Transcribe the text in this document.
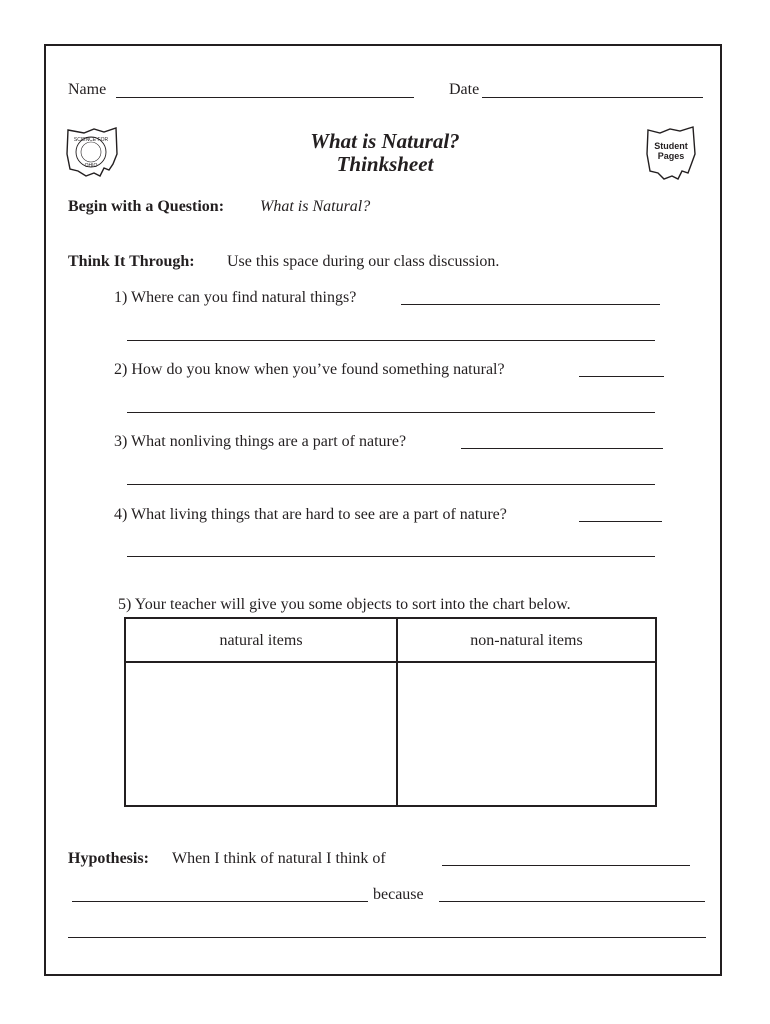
Name	Date
SCIENCE FOR
OHIO
What is Natural?
Thinksheet
Student
Pages
Begin with a Question: What is Natural?
Think It Through: Use this space during our class discussion.
1) Where can you find natural things?
2) How do you know when you’ve found something natural?
3) What nonliving things are a part of nature?
4) What living things that are hard to see are a part of nature?
5) Your teacher will give you some objects to sort into the chart below.
natural items	non-natural items

Hypothesis: When I think of natural I think of
because
